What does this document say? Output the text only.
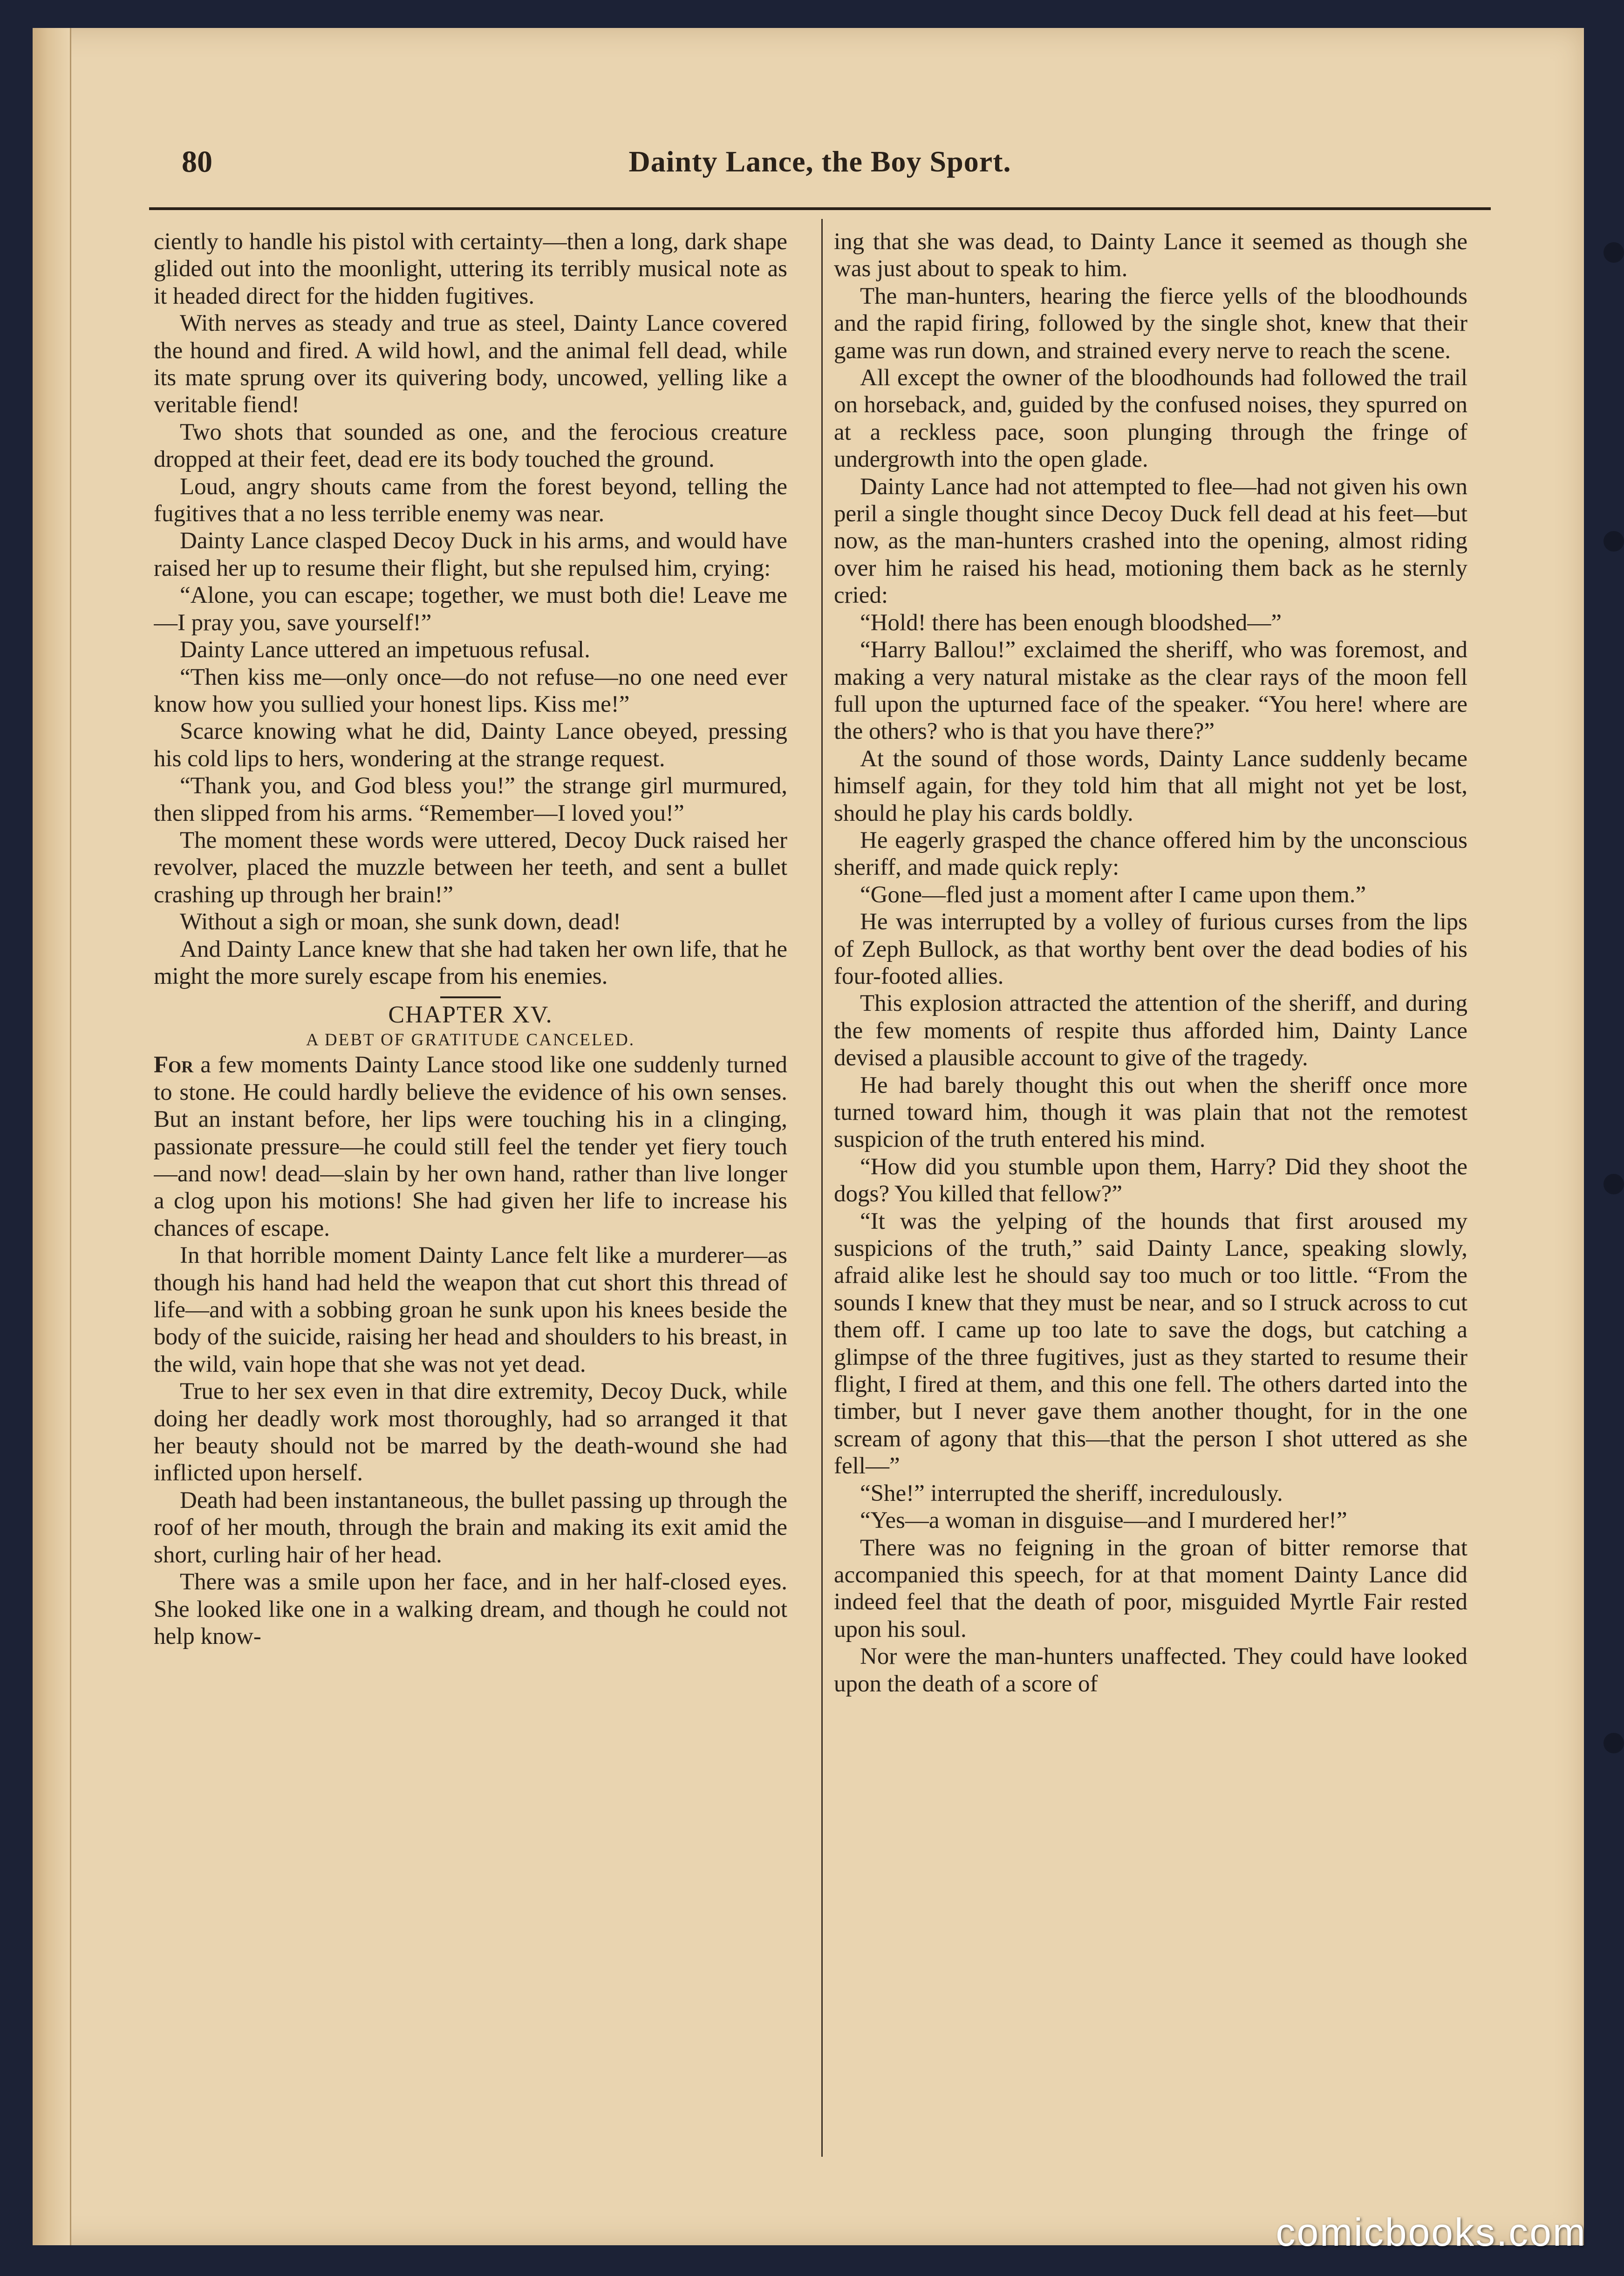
80	Dainty Lance, the Boy Sport.

ciently to handle his pistol with certainty—then a long, dark shape glided out into the moonlight, uttering its terribly musical note as it headed direct for the hidden fugitives.

With nerves as steady and true as steel, Dainty Lance covered the hound and fired. A wild howl, and the animal fell dead, while its mate sprung over its quivering body, uncowed, yelling like a veritable fiend!

Two shots that sounded as one, and the ferocious creature dropped at their feet, dead ere its body touched the ground.

Loud, angry shouts came from the forest beyond, telling the fugitives that a no less terrible enemy was near.

Dainty Lance clasped Decoy Duck in his arms, and would have raised her up to resume their flight, but she repulsed him, crying:

“Alone, you can escape; together, we must both die! Leave me—I pray you, save yourself!”

Dainty Lance uttered an impetuous refusal.

“Then kiss me—only once—do not refuse—no one need ever know how you sullied your honest lips. Kiss me!”

Scarce knowing what he did, Dainty Lance obeyed, pressing his cold lips to hers, wondering at the strange request.

“Thank you, and God bless you!” the strange girl murmured, then slipped from his arms. “Remember—I loved you!”

The moment these words were uttered, Decoy Duck raised her revolver, placed the muzzle between her teeth, and sent a bullet crashing up through her brain!”

Without a sigh or moan, she sunk down, dead!

And Dainty Lance knew that she had taken her own life, that he might the more surely escape from his enemies.

CHAPTER XV.
A DEBT OF GRATITUDE CANCELED.

For a few moments Dainty Lance stood like one suddenly turned to stone. He could hardly believe the evidence of his own senses. But an instant before, her lips were touching his in a clinging, passionate pressure—he could still feel the tender yet fiery touch—and now! dead—slain by her own hand, rather than live longer a clog upon his motions! She had given her life to increase his chances of escape.

In that horrible moment Dainty Lance felt like a murderer—as though his hand had held the weapon that cut short this thread of life—and with a sobbing groan he sunk upon his knees beside the body of the suicide, raising her head and shoulders to his breast, in the wild, vain hope that she was not yet dead.

True to her sex even in that dire extremity, Decoy Duck, while doing her deadly work most thoroughly, had so arranged it that her beauty should not be marred by the death-wound she had inflicted upon herself.

Death had been instantaneous, the bullet passing up through the roof of her mouth, through the brain and making its exit amid the short, curling hair of her head.

There was a smile upon her face, and in her half-closed eyes. She looked like one in a walking dream, and though he could not help know-

ing that she was dead, to Dainty Lance it seemed as though she was just about to speak to him.

The man-hunters, hearing the fierce yells of the bloodhounds and the rapid firing, followed by the single shot, knew that their game was run down, and strained every nerve to reach the scene.

All except the owner of the bloodhounds had followed the trail on horseback, and, guided by the confused noises, they spurred on at a reckless pace, soon plunging through the fringe of undergrowth into the open glade.

Dainty Lance had not attempted to flee—had not given his own peril a single thought since Decoy Duck fell dead at his feet—but now, as the man-hunters crashed into the opening, almost riding over him he raised his head, motioning them back as he sternly cried:

“Hold! there has been enough bloodshed—”

“Harry Ballou!” exclaimed the sheriff, who was foremost, and making a very natural mistake as the clear rays of the moon fell full upon the upturned face of the speaker. “You here! where are the others? who is that you have there?”

At the sound of those words, Dainty Lance suddenly became himself again, for they told him that all might not yet be lost, should he play his cards boldly.

He eagerly grasped the chance offered him by the unconscious sheriff, and made quick reply:

“Gone—fled just a moment after I came upon them.”

He was interrupted by a volley of furious curses from the lips of Zeph Bullock, as that worthy bent over the dead bodies of his four-footed allies.

This explosion attracted the attention of the sheriff, and during the few moments of respite thus afforded him, Dainty Lance devised a plausible account to give of the tragedy.

He had barely thought this out when the sheriff once more turned toward him, though it was plain that not the remotest suspicion of the truth entered his mind.

“How did you stumble upon them, Harry? Did they shoot the dogs? You killed that fellow?”

“It was the yelping of the hounds that first aroused my suspicions of the truth,” said Dainty Lance, speaking slowly, afraid alike lest he should say too much or too little. “From the sounds I knew that they must be near, and so I struck across to cut them off. I came up too late to save the dogs, but catching a glimpse of the three fugitives, just as they started to resume their flight, I fired at them, and this one fell. The others darted into the timber, but I never gave them another thought, for in the one scream of agony that this—that the person I shot uttered as she fell—”

“She!” interrupted the sheriff, incredulously.

“Yes—a woman in disguise—and I murdered her!”

There was no feigning in the groan of bitter remorse that accompanied this speech, for at that moment Dainty Lance did indeed feel that the death of poor, misguided Myrtle Fair rested upon his soul.

Nor were the man-hunters unaffected. They could have looked upon the death of a score of

comicbooks.com
